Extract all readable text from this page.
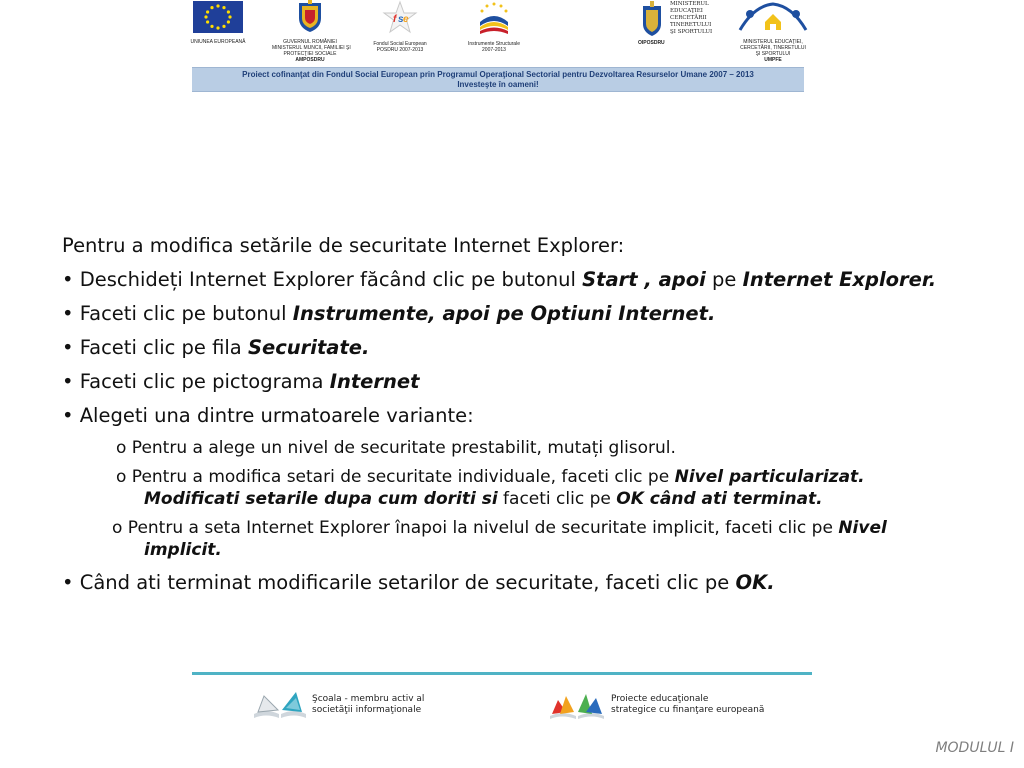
UNIUNEA EUROPEANĂ	GUVERNUL ROMÂNIEI
MINISTERUL MUNCII, FAMILIEI ŞI
PROTECŢIEI SOCIALE
AMPOSDRU
f s e
Fondul Social European
POSDRU 2007-2013
Instrumente Structurale
2007-2013
MINISTERUL
EDUCAŢIEI
CERCETĂRII
TINERETULUI
ŞI SPORTULUI
OIPOSDRU	MINISTERUL EDUCAŢIEI,
CERCETĂRII, TINERETULUI
ŞI SPORTULUI
UMPFE
Proiect cofinanţat din Fondul Social European prin Programul Operaţional Sectorial pentru Dezvoltarea Resurselor Umane 2007 – 2013
Investeşte în oameni!

Pentru a modifica setările de securitate Internet Explorer:

• Deschideți Internet Explorer făcând clic pe butonul Start , apoi pe Internet Explorer.

• Faceti clic pe butonul Instrumente, apoi pe Optiuni Internet.

• Faceti clic pe fila Securitate.

• Faceti clic pe pictograma Internet

• Alegeti una dintre urmatoarele variante:

o Pentru a alege un nivel de securitate prestabilit, mutați glisorul.

o Pentru a modifica setari de securitate individuale, faceti clic pe Nivel particularizat. Modificati setarile dupa cum doriti si faceti clic pe OK când ati terminat.

o Pentru a seta Internet Explorer înapoi la nivelul de securitate implicit, faceti clic pe Nivel implicit.

• Când ati terminat modificarile setarilor de securitate, faceti clic pe OK.

Şcoala - membru activ al
societăţii informaţionale
Proiecte educaţionale
strategice cu finanţare europeană
MODULUL I
